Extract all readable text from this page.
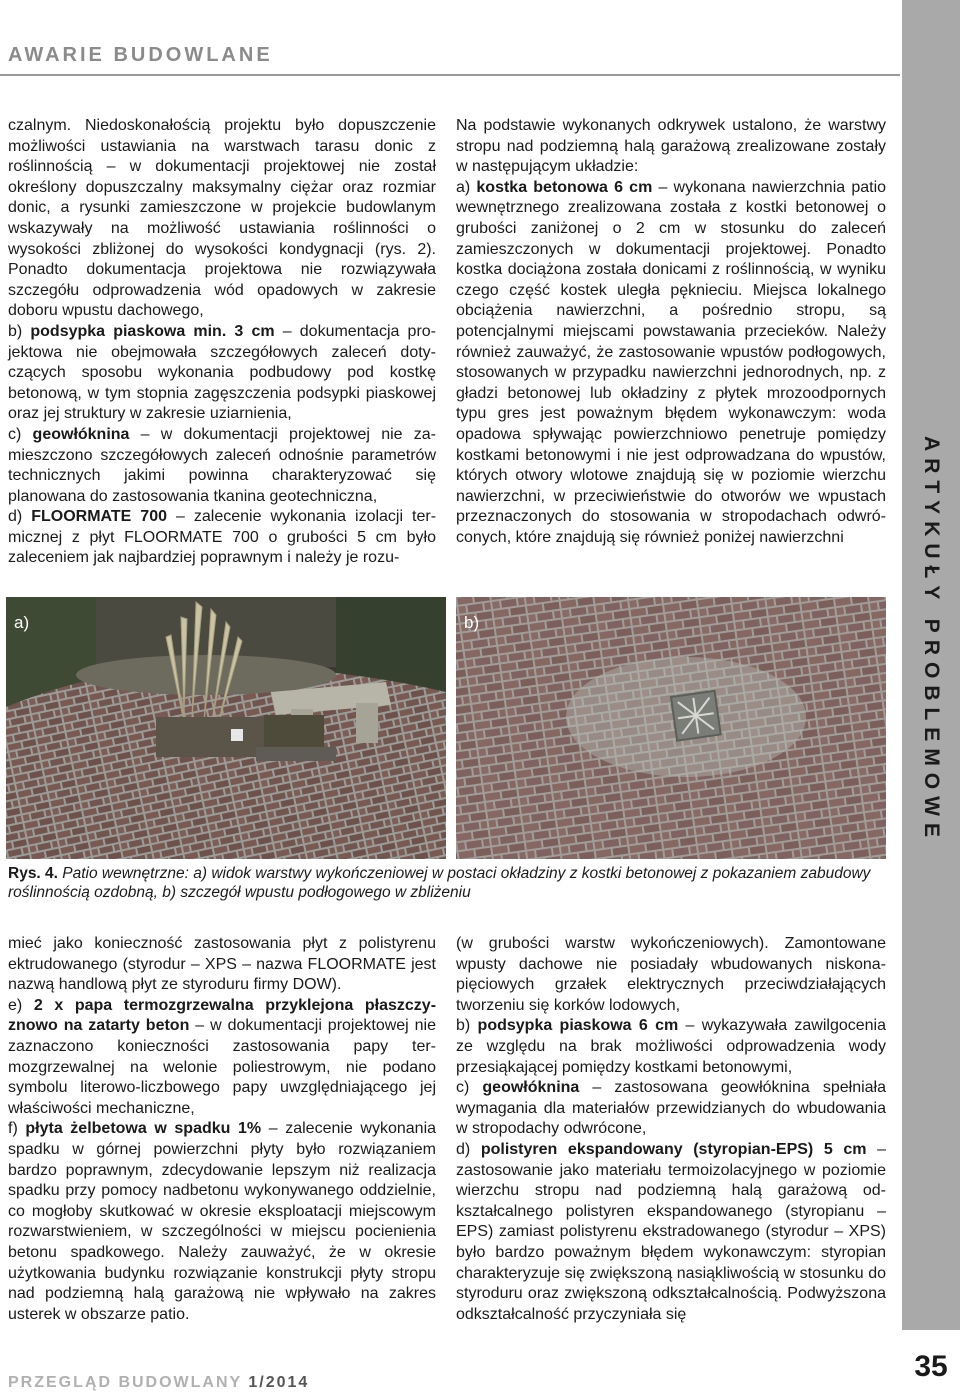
AWARIE BUDOWLANE
ARTYKUŁY PROBLEMOWE

czalnym. Niedoskonałością projektu było dopuszczenie możliwości ustawiania na warstwach tarasu donic z roślinnością – w dokumentacji projektowej nie został określony dopuszczalny maksymalny ciężar oraz rozmiar donic, a rysunki zamieszczone w projekcie budowlanym wskazywały na możliwość ustawiania roślinności o wysokości zbliżonej do wysokości kondygnacji (rys. 2). Ponadto dokumentacja projektowa nie rozwiązywała szczegółu odprowadzenia wód opadowych w zakresie doboru wpustu dachowego,

b) podsypka piaskowa min. 3 cm – dokumentacja projektowa nie obejmowała szczegółowych zaleceń dotyczących sposobu wykonania podbudowy pod kostkę betonową, w tym stopnia zagęszczenia podsypki piaskowej oraz jej struktury w zakresie uziarnienia,

c) geowłóknina – w dokumentacji projektowej nie zamieszczono szczegółowych zaleceń odnośnie parametrów technicznych jakimi powinna charakteryzować się planowana do zastosowania tkanina geotechniczna,

d) FLOORMATE 700 – zalecenie wykonania izolacji termicznej z płyt FLOORMATE 700 o grubości 5 cm było zaleceniem jak najbardziej poprawnym i należy je rozu-

Na podstawie wykonanych odkrywek ustalono, że warstwy stropu nad podziemną halą garażową zrealizowane zostały w następującym układzie:

a) kostka betonowa 6 cm – wykonana nawierzchnia patio wewnętrznego zrealizowana została z kostki betonowej o grubości zaniżonej o 2 cm w stosunku do zaleceń zamieszczonych w dokumentacji projektowej. Ponadto kostka dociążona została donicami z roślinnością, w wyniku czego część kostek uległa pęknieciu. Miejsca lokalnego obciążenia nawierzchni, a pośrednio stropu, są potencjalnymi miejscami powstawania przecieków. Należy również zauważyć, że zastosowanie wpustów podłogowych, stosowanych w przypadku nawierzchni jednorodnych, np. z gładzi betonowej lub okładziny z płytek mrozoodpornych typu gres jest poważnym błędem wykonawczym: woda opadowa spływając powierzchniowo penetruje pomiędzy kostkami betonowymi i nie jest odprowadzana do wpustów, których otwory wlotowe znajdują się w poziomie wierzchu nawierzchni, w przeciwieństwie do otworów we wpustach przeznaczonych do stosowania w stropodachach odwróconych, które znajdują się również poniżej nawierzchni

a)	b)
Rys. 4. Patio wewnętrzne: a) widok warstwy wykończeniowej w postaci okładziny z kostki betonowej z pokazaniem zabudowy roślinnością ozdobną, b) szczegół wpustu podłogowego w zbliżeniu

mieć jako konieczność zastosowania płyt z polistyrenu ektrudowanego (styrodur – XPS – nazwa FLOORMATE jest nazwą handlową płyt ze styroduru firmy DOW).

e) 2 x papa termozgrzewalna przyklejona płaszczyznowo na zatarty beton – w dokumentacji projektowej nie zaznaczono konieczności zastosowania papy termozgrzewalnej na welonie poliestrowym, nie podano symbolu literowo-liczbowego papy uwzględniającego jej właściwości mechaniczne,

f) płyta żelbetowa w spadku 1% – zalecenie wykonania spadku w górnej powierzchni płyty było rozwiązaniem bardzo poprawnym, zdecydowanie lepszym niż realizacja spadku przy pomocy nadbetonu wykonywanego oddzielnie, co mogłoby skutkować w okresie eksploatacji miejscowym rozwarstwieniem, w szczególności w miejscu pocienienia betonu spadkowego. Należy zauważyć, że w okresie użytkowania budynku rozwiązanie konstrukcji płyty stropu nad podziemną halą garażową nie wpływało na zakres usterek w obszarze patio.

(w grubości warstw wykończeniowych). Zamontowane wpusty dachowe nie posiadały wbudowanych niskonapięciowych grzałek elektrycznych przeciwdziałających tworzeniu się korków lodowych,

b) podsypka piaskowa 6 cm – wykazywała zawilgocenia ze względu na brak możliwości odprowadzenia wody przesiąkającej pomiędzy kostkami betonowymi,

c) geowłóknina – zastosowana geowłóknina spełniała wymagania dla materiałów przewidzianych do wbudowania w stropodachy odwrócone,

d) polistyren ekspandowany (styropian-EPS) 5 cm – zastosowanie jako materiału termoizolacyjnego w poziomie wierzchu stropu nad podziemną halą garażową odkształcalnego polistyren ekspandowanego (styropianu – EPS) zamiast polistyrenu ekstradowanego (styrodur – XPS) było bardzo poważnym błędem wykonawczym: styropian charakteryzuje się zwiększoną nasiąkliwością w stosunku do styroduru oraz zwiększoną odkształcalnością. Podwyższona odkształcalność przyczyniała się

PRZEGLĄD BUDOWLANY 1/2014	35
